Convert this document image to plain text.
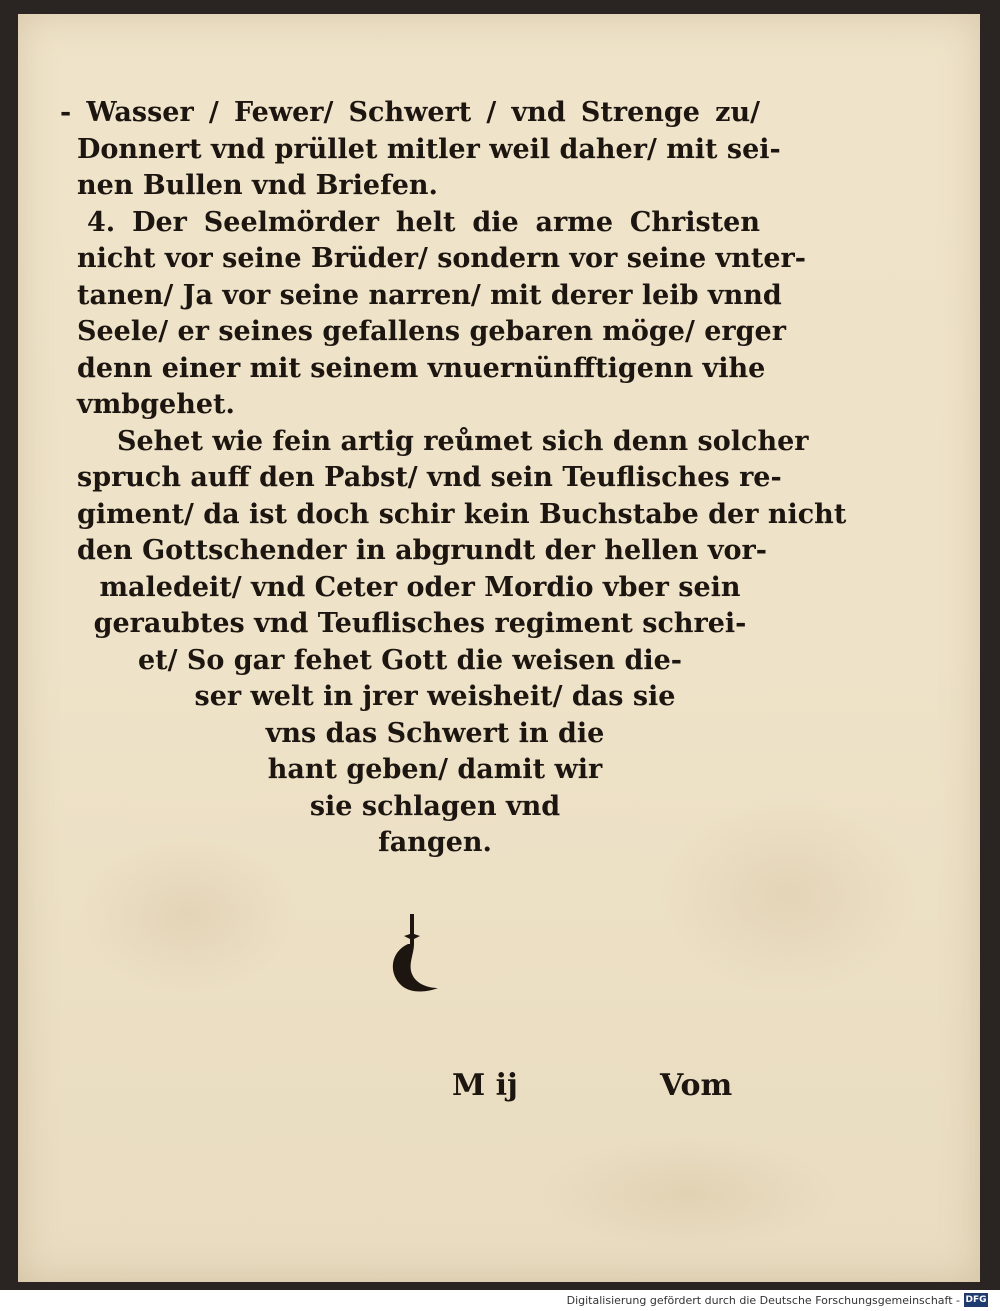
- Wasser / Fewer/ Schwert / vnd Strenge zu/
Donnert vnd prüllet mitler weil daher/ mit sei-
nen Bullen vnd Briefen.
4. Der Seelmörder helt die arme Christen
nicht vor seine Brüder/ sondern vor seine vnter-
tanen/ Ja vor seine narren/ mit derer leib vnnd
Seele/ er seines gefallens gebaren möge/ erger
denn einer mit seinem vnuernünfftigenn vihe
vmbgehet.
Sehet wie fein artig reůmet sich denn solcher
spruch auff den Pabst/ vnd sein Teuflisches re-
giment/ da ist doch schir kein Buchstabe der nicht
den Gottschender in abgrundt der hellen vor-
maledeit/ vnd Ceter oder Mordio vber sein
geraubtes vnd Teuflisches regiment schrei-
et/ So gar fehet Gott die weisen die-
ser welt in jrer weisheit/ das sie
vns das Schwert in die
hant geben/ damit wir
sie schlagen vnd
fangen.
M ij	Vom
Digitalisierung gefördert durch die Deutsche Forschungsgemeinschaft - DFG
